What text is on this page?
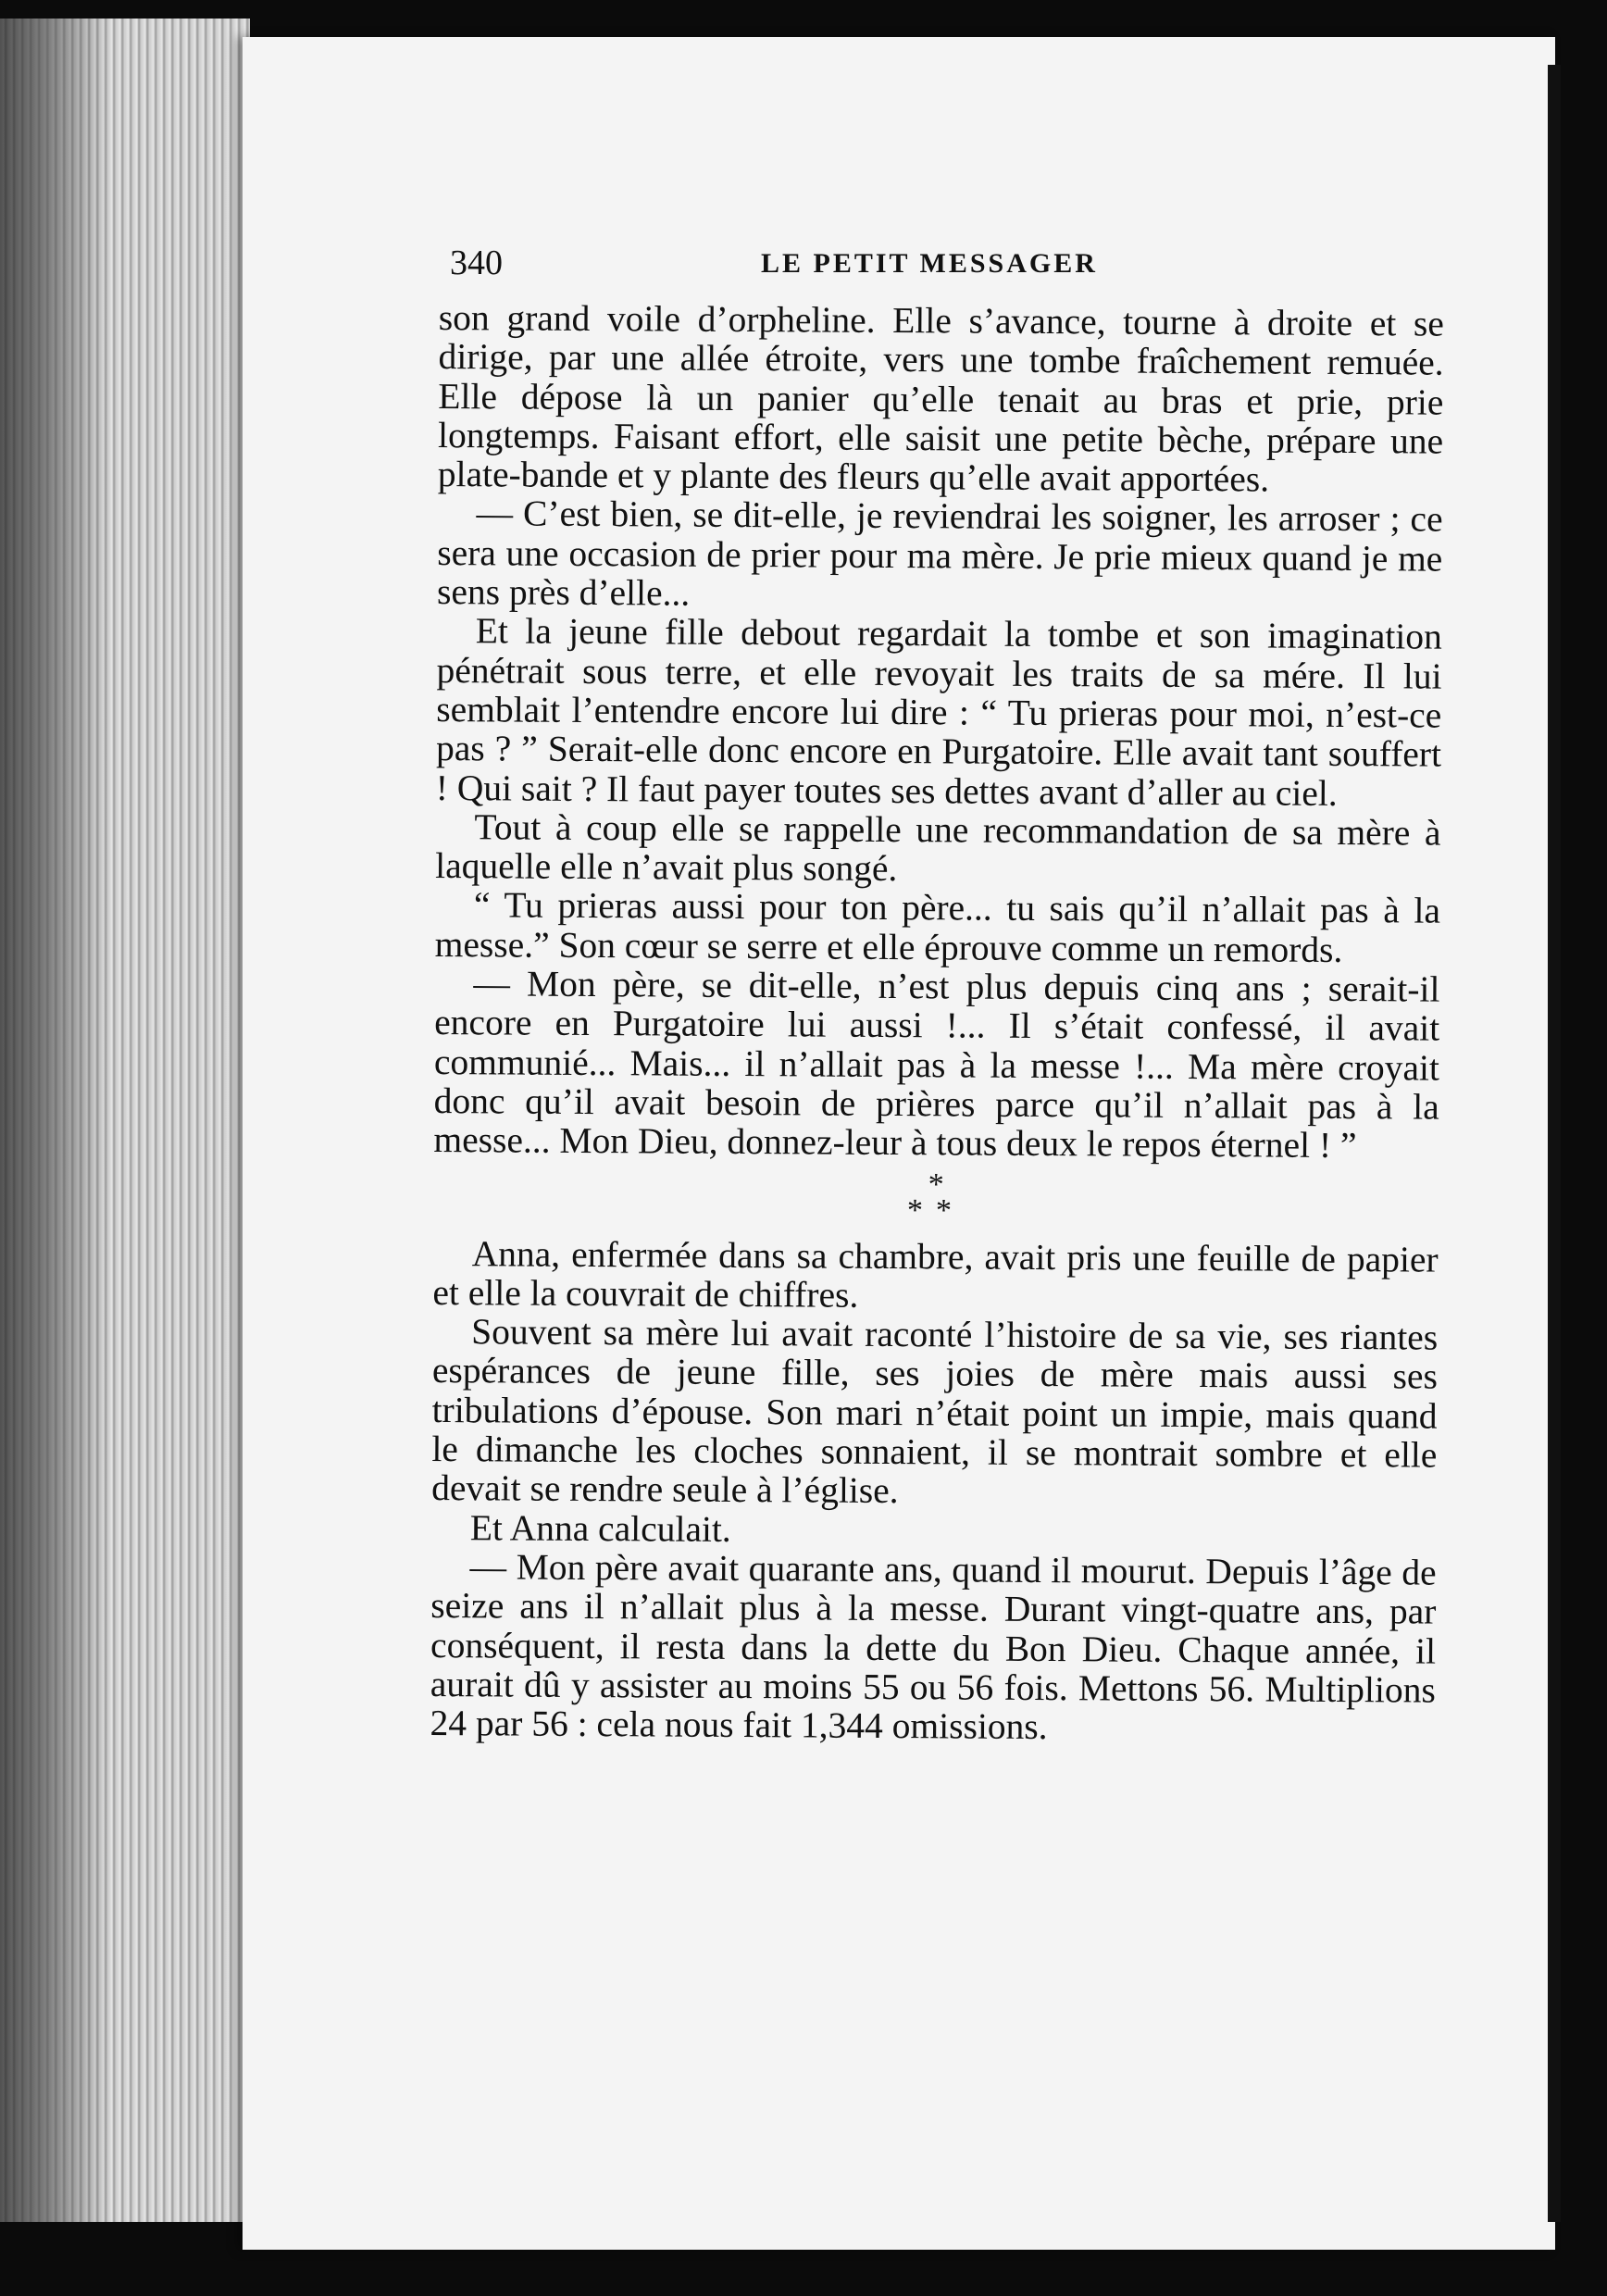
340	LE PETIT MESSAGER

son grand voile d’orpheline. Elle s’avance, tourne à droite et se dirige, par une allée étroite, vers une tombe fraîchement remuée. Elle dépose là un panier qu’elle tenait au bras et prie, prie longtemps. Faisant effort, elle saisit une petite bèche, prépare une plate-bande et y plante des fleurs qu’elle avait apportées.

— C’est bien, se dit-elle, je reviendrai les soigner, les arroser ; ce sera une occasion de prier pour ma mère. Je prie mieux quand je me sens près d’elle...

Et la jeune fille debout regardait la tombe et son imagination pénétrait sous terre, et elle revoyait les traits de sa mére. Il lui semblait l’entendre encore lui dire : “ Tu prieras pour moi, n’est-ce pas ? ” Serait-elle donc encore en Purgatoire. Elle avait tant souffert ! Qui sait ? Il faut payer toutes ses dettes avant d’aller au ciel.

Tout à coup elle se rappelle une recommandation de sa mère à laquelle elle n’avait plus songé.

“ Tu prieras aussi pour ton père... tu sais qu’il n’allait pas à la messe.” Son cœur se serre et elle éprouve comme un remords.

— Mon père, se dit-elle, n’est plus depuis cinq ans ; serait-il encore en Purgatoire lui aussi !... Il s’était confessé, il avait communié... Mais... il n’allait pas à la messe !... Ma mère croyait donc qu’il avait besoin de prières parce qu’il n’allait pas à la messe... Mon Dieu, donnez-leur à tous deux le repos éternel ! ”

*
**

Anna, enfermée dans sa chambre, avait pris une feuille de papier et elle la couvrait de chiffres.

Souvent sa mère lui avait raconté l’histoire de sa vie, ses riantes espérances de jeune fille, ses joies de mère mais aussi ses tribulations d’épouse. Son mari n’était point un impie, mais quand le dimanche les cloches sonnaient, il se montrait sombre et elle devait se rendre seule à l’église.

Et Anna calculait.

— Mon père avait quarante ans, quand il mourut. Depuis l’âge de seize ans il n’allait plus à la messe. Durant vingt-quatre ans, par conséquent, il resta dans la dette du Bon Dieu. Chaque année, il aurait dû y assister au moins 55 ou 56 fois. Mettons 56. Multiplions 24 par 56 : cela nous fait 1,344 omissions.
